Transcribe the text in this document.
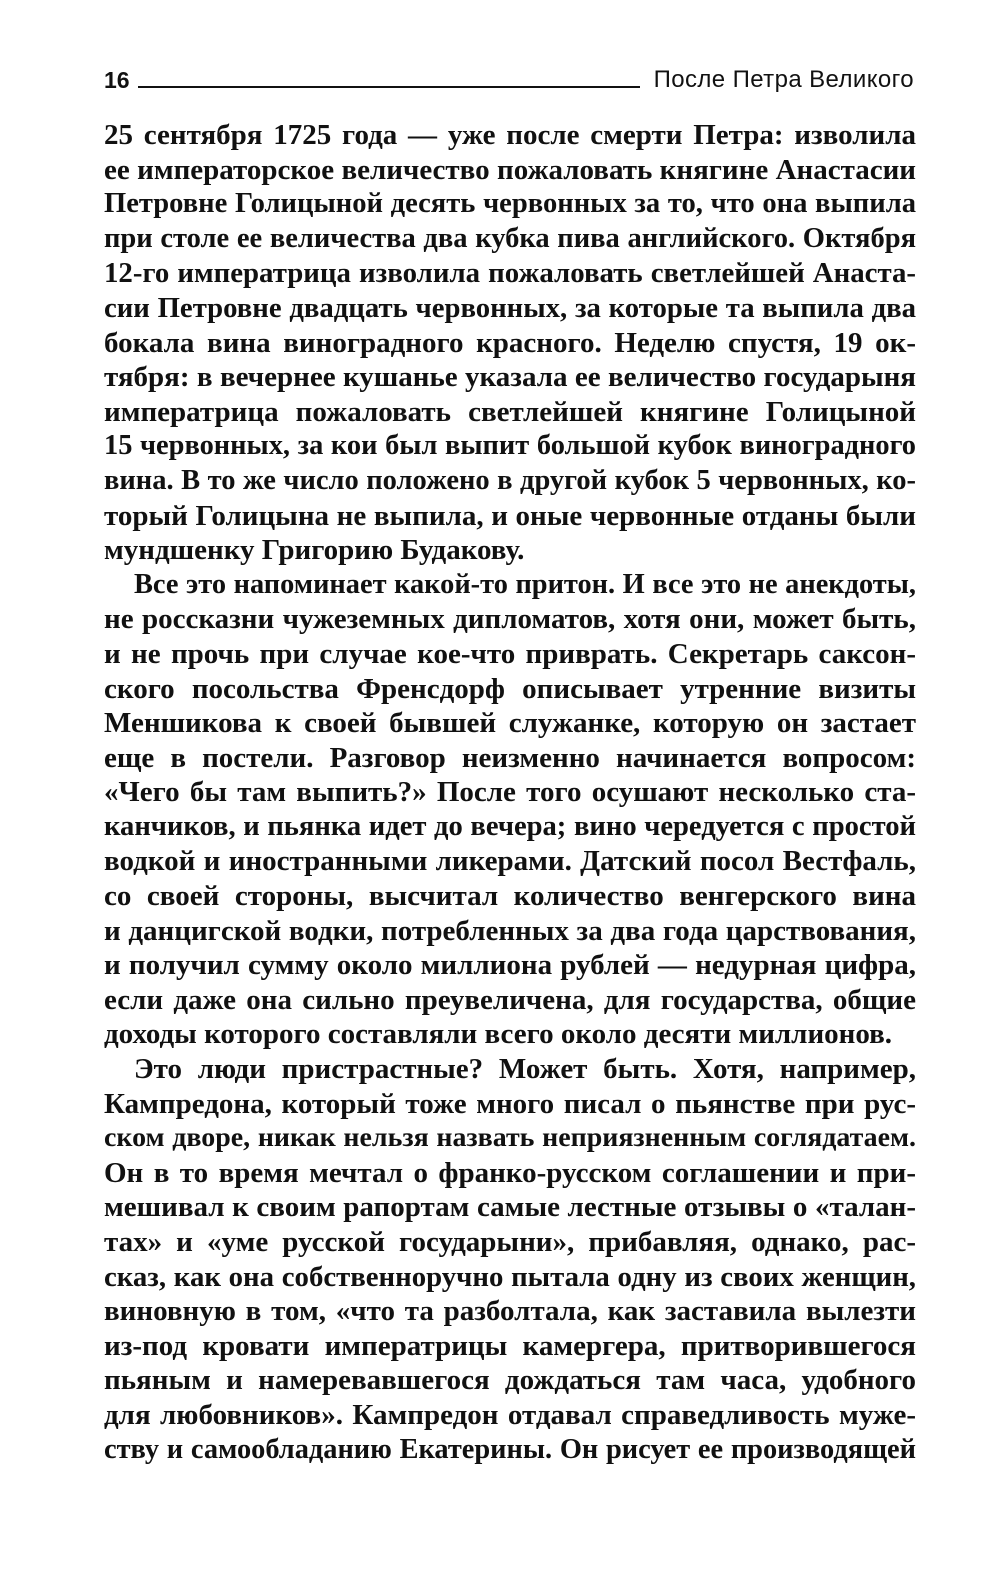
16	После Петра Великого
25 сентября 1725 года — уже после смерти Петра: изволила
ее императорское величество пожаловать княгине Анастасии
Петровне Голицыной десять червонных за то, что она выпила
при столе ее величества два кубка пива английского. Октября
12-го императрица изволила пожаловать светлейшей Анаста-
сии Петровне двадцать червонных, за которые та выпила два
бокала вина виноградного красного. Неделю спустя, 19 ок-
тября: в вечернее кушанье указала ее величество государыня
императрица пожаловать светлейшей княгине Голицыной
15 червонных, за кои был выпит большой кубок виноградного
вина. В то же число положено в другой кубок 5 червонных, ко-
торый Голицына не выпила, и оные червонные отданы были
мундшенку Григорию Будакову.
Все это напоминает какой-то притон. И все это не анекдоты,
не россказни чужеземных дипломатов, хотя они, может быть,
и не прочь при случае кое-что приврать. Секретарь саксон-
ского посольства Френсдорф описывает утренние визиты
Меншикова к своей бывшей служанке, которую он застает
еще в постели. Разговор неизменно начинается вопросом:
«Чего бы там выпить?» После того осушают несколько ста-
канчиков, и пьянка идет до вечера; вино чередуется с простой
водкой и иностранными ликерами. Датский посол Вестфаль,
со своей стороны, высчитал количество венгерского вина
и данцигской водки, потребленных за два года царствования,
и получил сумму около миллиона рублей — недурная цифра,
если даже она сильно преувеличена, для государства, общие
доходы которого составляли всего около десяти миллионов.
Это люди пристрастные? Может быть. Хотя, например,
Кампредона, который тоже много писал о пьянстве при рус-
ском дворе, никак нельзя назвать неприязненным соглядатаем.
Он в то время мечтал о франко-русском соглашении и при-
мешивал к своим рапортам самые лестные отзывы о «талан-
тах» и «уме русской государыни», прибавляя, однако, рас-
сказ, как она собственноручно пытала одну из своих женщин,
виновную в том, «что та разболтала, как заставила вылезти
из-под кровати императрицы камергера, притворившегося
пьяным и намеревавшегося дождаться там часа, удобного
для любовников». Кампредон отдавал справедливость муже-
ству и самообладанию Екатерины. Он рисует ее производящей
